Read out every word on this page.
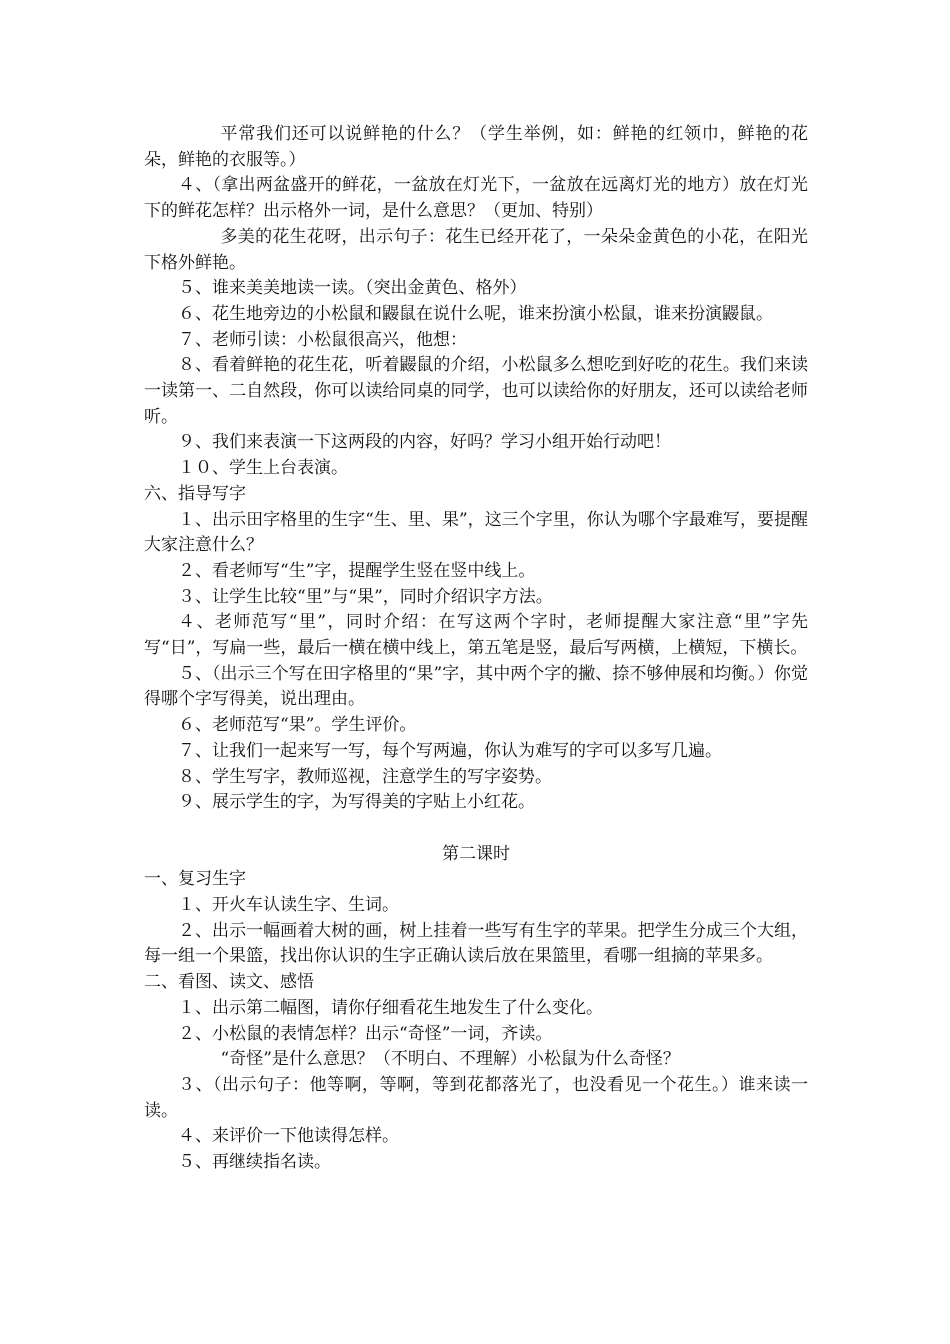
平常我们还可以说鲜艳的什么？（学生举例，如：鲜艳的红领巾，鲜艳的花朵，鲜艳的衣服等。）

４、（拿出两盆盛开的鲜花，一盆放在灯光下，一盆放在远离灯光的地方）放在灯光下的鲜花怎样？出示格外一词，是什么意思？（更加、特别）

多美的花生花呀，出示句子：花生已经开花了，一朵朵金黄色的小花，在阳光下格外鲜艳。

５、谁来美美地读一读。（突出金黄色、格外）

６、花生地旁边的小松鼠和鼹鼠在说什么呢，谁来扮演小松鼠，谁来扮演鼹鼠。

７、老师引读：小松鼠很高兴，他想：

８、看着鲜艳的花生花，听着鼹鼠的介绍，小松鼠多么想吃到好吃的花生。我们来读一读第一、二自然段，你可以读给同桌的同学，也可以读给你的好朋友，还可以读给老师听。

９、我们来表演一下这两段的内容，好吗？学习小组开始行动吧！

１０、学生上台表演。

六、指导写字

１、出示田字格里的生字“生、里、果”，这三个字里，你认为哪个字最难写，要提醒大家注意什么？

２、看老师写“生”字，提醒学生竖在竖中线上。

３、让学生比较“里”与“果”，同时介绍识字方法。

４、老师范写“里”，同时介绍：在写这两个字时，老师提醒大家注意“里”字先写“日”，写扁一些，最后一横在横中线上，第五笔是竖，最后写两横，上横短，下横长。

５、（出示三个写在田字格里的“果”字，其中两个字的撇、捺不够伸展和均衡。）你觉得哪个字写得美，说出理由。

６、老师范写“果”。学生评价。

７、让我们一起来写一写，每个写两遍，你认为难写的字可以多写几遍。

８、学生写字，教师巡视，注意学生的写字姿势。

９、展示学生的字，为写得美的字贴上小红花。

第二课时

一、复习生字

１、开火车认读生字、生词。

２、出示一幅画着大树的画，树上挂着一些写有生字的苹果。把学生分成三个大组，每一组一个果篮，找出你认识的生字正确认读后放在果篮里，看哪一组摘的苹果多。

二、看图、读文、感悟

１、出示第二幅图，请你仔细看花生地发生了什么变化。

２、小松鼠的表情怎样？出示“奇怪”一词，齐读。

“奇怪”是什么意思？（不明白、不理解）小松鼠为什么奇怪？

３、（出示句子：他等啊，等啊，等到花都落光了，也没看见一个花生。）谁来读一读。

４、来评价一下他读得怎样。

５、再继续指名读。
